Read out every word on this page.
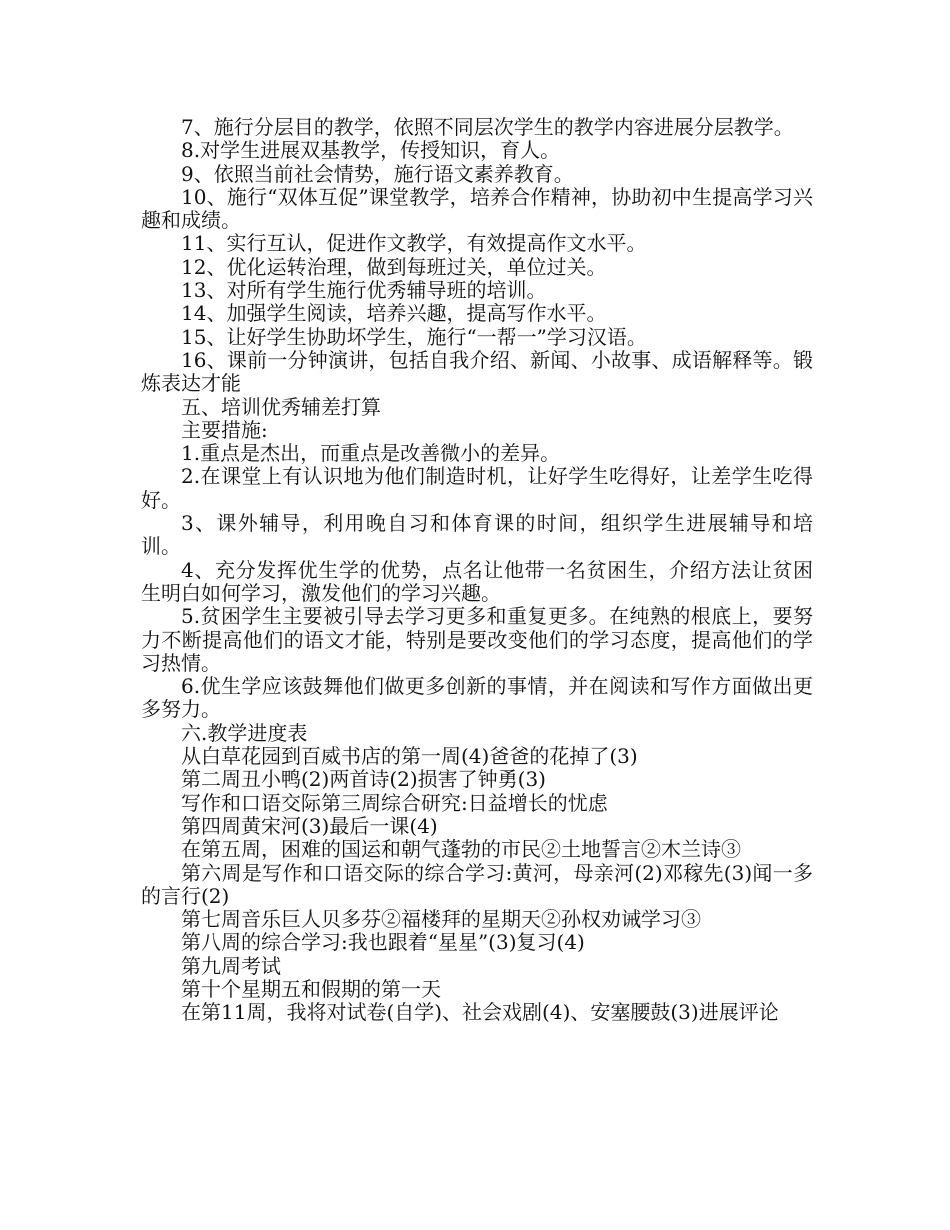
7、施行分层目的教学，依照不同层次学生的教学内容进展分层教学。

8.对学生进展双基教学，传授知识，育人。

9、依照当前社会情势，施行语文素养教育。

10、施行“双体互促”课堂教学，培养合作精神，协助初中生提高学习兴趣和成绩。

11、实行互认，促进作文教学，有效提高作文水平。

12、优化运转治理，做到每班过关，单位过关。

13、对所有学生施行优秀辅导班的培训。

14、加强学生阅读，培养兴趣，提高写作水平。

15、让好学生协助坏学生，施行“一帮一”学习汉语。

16、课前一分钟演讲，包括自我介绍、新闻、小故事、成语解释等。锻炼表达才能

五、培训优秀辅差打算

主要措施:

1.重点是杰出，而重点是改善微小的差异。

2.在课堂上有认识地为他们制造时机，让好学生吃得好，让差学生吃得好。

3、课外辅导，利用晚自习和体育课的时间，组织学生进展辅导和培训。

4、充分发挥优生学的优势，点名让他带一名贫困生，介绍方法让贫困生明白如何学习，激发他们的学习兴趣。

5.贫困学生主要被引导去学习更多和重复更多。在纯熟的根底上，要努力不断提高他们的语文才能，特别是要改变他们的学习态度，提高他们的学习热情。

6.优生学应该鼓舞他们做更多创新的事情，并在阅读和写作方面做出更多努力。

六.教学进度表

从白草花园到百威书店的第一周(4)爸爸的花掉了(3)

第二周丑小鸭(2)两首诗(2)损害了钟勇(3)

写作和口语交际第三周综合研究:日益增长的忧虑

第四周黄宋河(3)最后一课(4)

在第五周，困难的国运和朝气蓬勃的市民②土地誓言②木兰诗③

第六周是写作和口语交际的综合学习:黄河，母亲河(2)邓稼先(3)闻一多的言行(2)

第七周音乐巨人贝多芬②福楼拜的星期天②孙权劝诫学习③

第八周的综合学习:我也跟着“星星”(3)复习(4)

第九周考试

第十个星期五和假期的第一天

在第11周，我将对试卷(自学)、社会戏剧(4)、安塞腰鼓(3)进展评论
